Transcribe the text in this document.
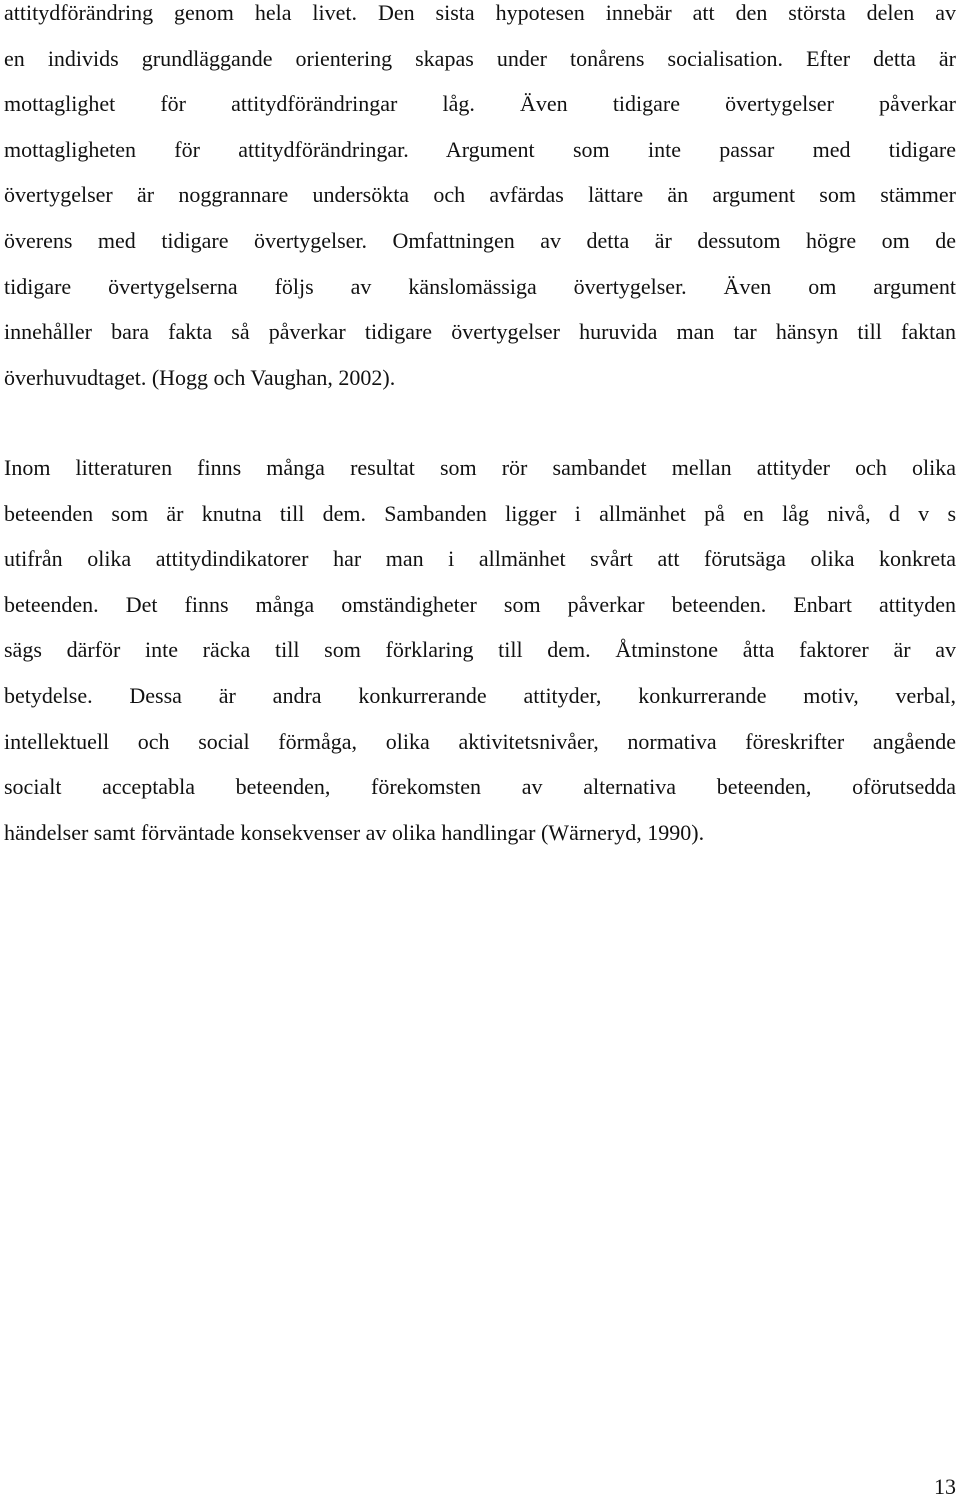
attitydförändring genom hela livet. Den sista hypotesen innebär att den största delen av
en individs grundläggande orientering skapas under tonårens socialisation. Efter detta är
mottaglighet för attitydförändringar låg. Även tidigare övertygelser påverkar
mottagligheten för attitydförändringar. Argument som inte passar med tidigare
övertygelser är noggrannare undersökta och avfärdas lättare än argument som stämmer
överens med tidigare övertygelser. Omfattningen av detta är dessutom högre om de
tidigare övertygelserna följs av känslomässiga övertygelser. Även om argument
innehåller bara fakta så påverkar tidigare övertygelser huruvida man tar hänsyn till faktan
överhuvudtaget. (Hogg och Vaughan, 2002).
Inom litteraturen finns många resultat som rör sambandet mellan attityder och olika
beteenden som är knutna till dem. Sambanden ligger i allmänhet på en låg nivå, d v s
utifrån olika attitydindikatorer har man i allmänhet svårt att förutsäga olika konkreta
beteenden. Det finns många omständigheter som påverkar beteenden. Enbart attityden
sägs därför inte räcka till som förklaring till dem. Åtminstone åtta faktorer är av
betydelse. Dessa är andra konkurrerande attityder, konkurrerande motiv, verbal,
intellektuell och social förmåga, olika aktivitetsnivåer, normativa föreskrifter angående
socialt acceptabla beteenden, förekomsten av alternativa beteenden, oförutsedda
händelser samt förväntade konsekvenser av olika handlingar (Wärneryd, 1990).
13
